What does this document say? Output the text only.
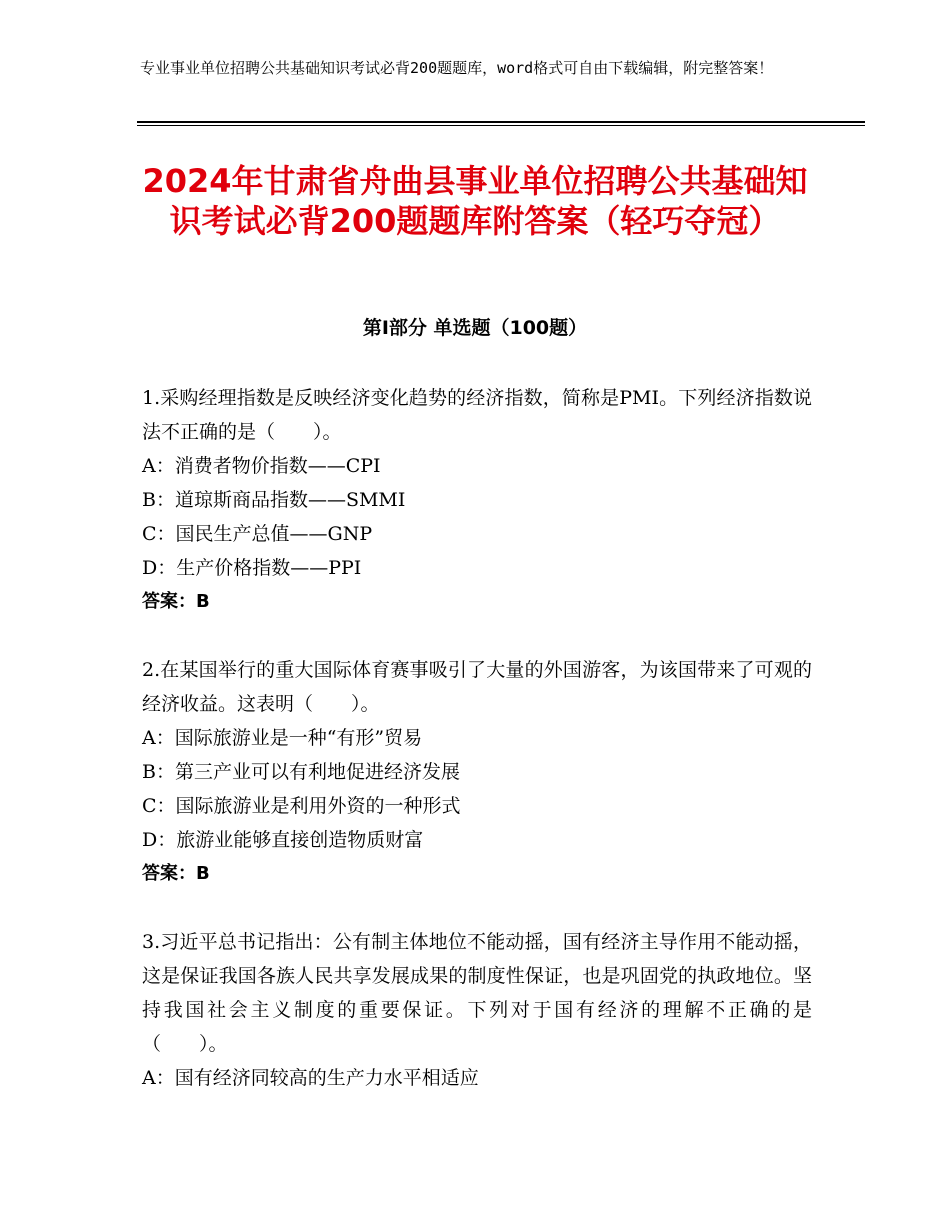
专业事业单位招聘公共基础知识考试必背200题题库，word格式可自由下载编辑，附完整答案！
2024年甘肃省舟曲县事业单位招聘公共基础知识考试必背200题题库附答案（轻巧夺冠）
第Ⅰ部分 单选题（100题）

1.采购经理指数是反映经济变化趋势的经济指数，简称是PMI。下列经济指数说法不正确的是（　　）。

A：消费者物价指数——CPI

B：道琼斯商品指数——SMMI

C：国民生产总值——GNP

D：生产价格指数——PPI

答案：B

2.在某国举行的重大国际体育赛事吸引了大量的外国游客，为该国带来了可观的经济收益。这表明（　　）。

A：国际旅游业是一种“有形”贸易

B：第三产业可以有利地促进经济发展

C：国际旅游业是利用外资的一种形式

D：旅游业能够直接创造物质财富

答案：B

3.习近平总书记指出：公有制主体地位不能动摇，国有经济主导作用不能动摇，这是保证我国各族人民共享发展成果的制度性保证，也是巩固党的执政地位。坚持我国社会主义制度的重要保证。下列对于国有经济的理解不正确的是（　　）。

A：国有经济同较高的生产力水平相适应
